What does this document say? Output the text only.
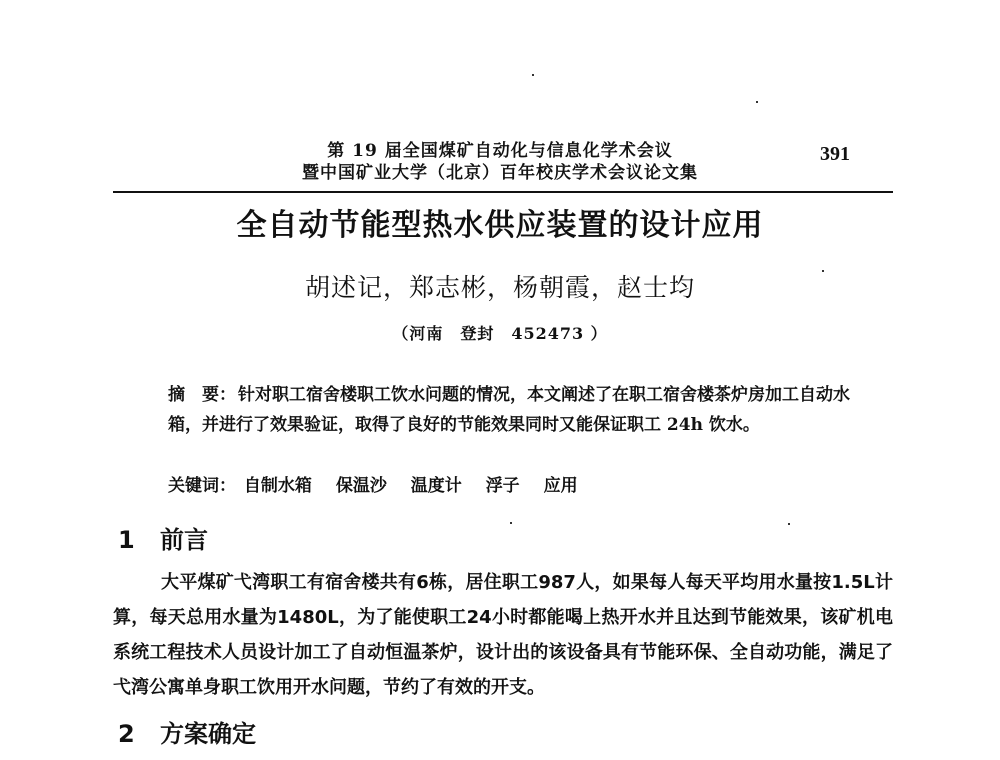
第 19 届全国煤矿自动化与信息化学术会议
暨中国矿业大学（北京）百年校庆学术会议论文集
391
全自动节能型热水供应装置的设计应用
胡述记，郑志彬，杨朝霞，赵士均
（河南　登封　452473 ）
摘　要： 针对职工宿舍楼职工饮水问题的情况，本文阐述了在职工宿舍楼茶炉房加工自动水箱，并进行了效果验证，取得了良好的节能效果同时又能保证职工 24h 饮水。
关键词： 自制水箱 保温沙 温度计 浮子 应用
1 前言
大平煤矿弋湾职工有宿舍楼共有6栋，居住职工987人，如果每人每天平均用水量按1.5L计算，每天总用水量为1480L，为了能使职工24小时都能喝上热开水并且达到节能效果，该矿机电系统工程技术人员设计加工了自动恒温茶炉，设计出的该设备具有节能环保、全自动功能，满足了弋湾公寓单身职工饮用开水问题，节约了有效的开支。
2 方案确定
